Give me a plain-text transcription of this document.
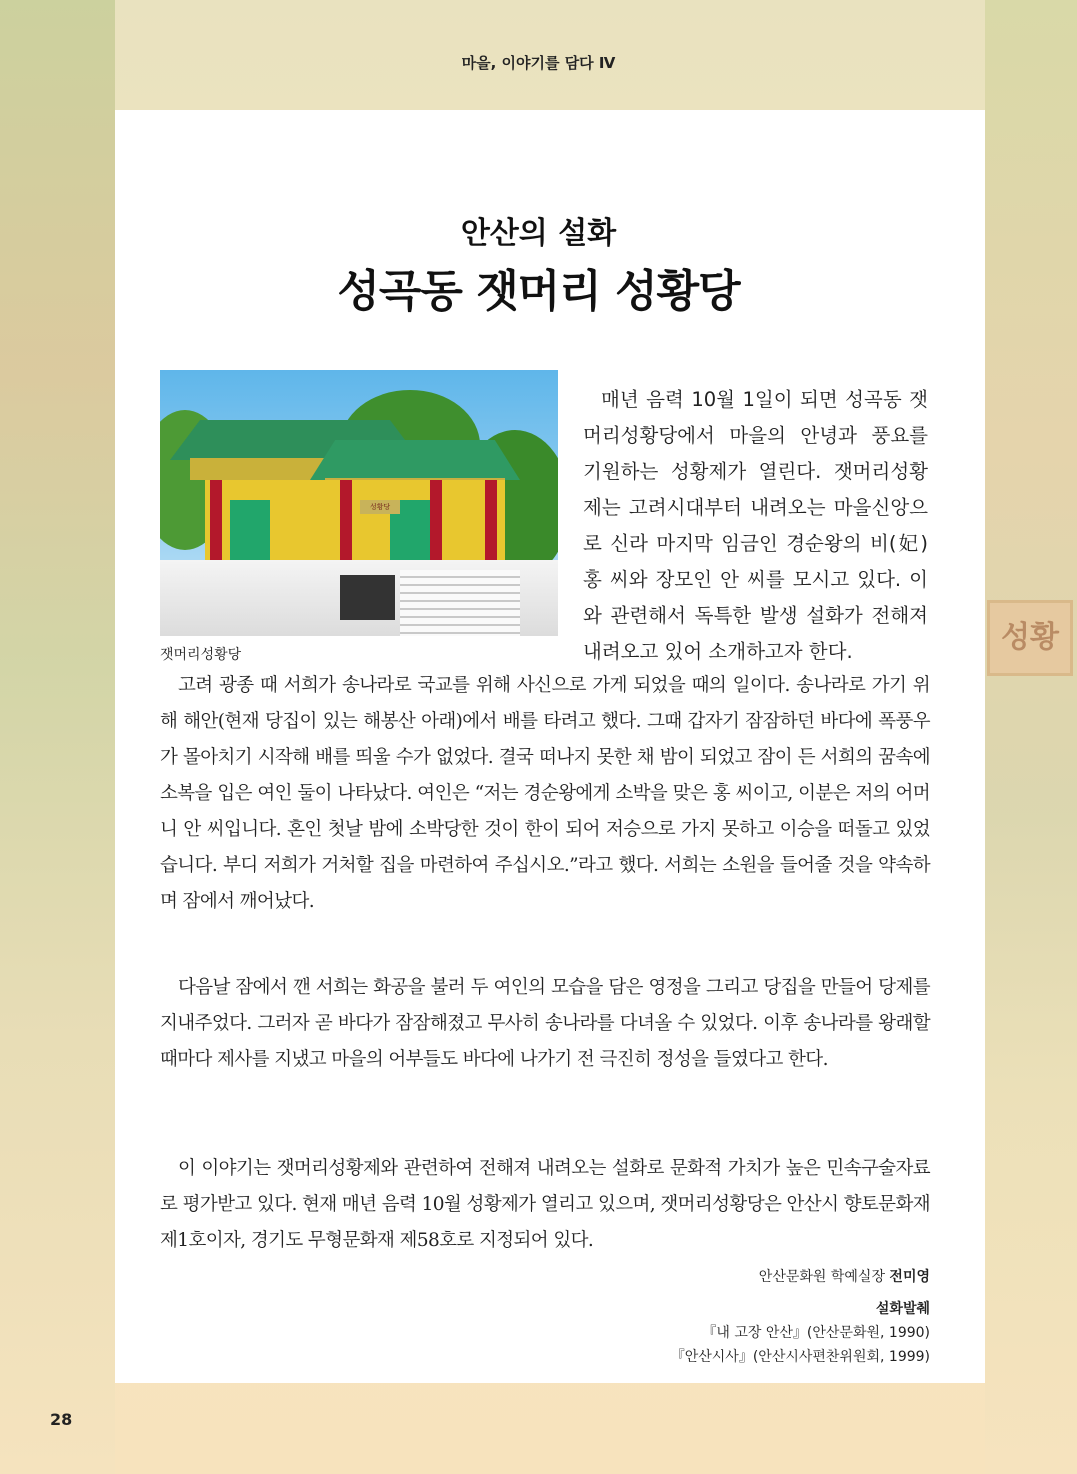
성황
마을, 이야기를 담다 Ⅳ
안산의 설화
성곡동 잿머리 성황당
성황당
잿머리성황당

매년 음력 10월 1일이 되면 성곡동 잿머리성황당에서 마을의 안녕과 풍요를 기원하는 성황제가 열린다. 잿머리성황제는 고려시대부터 내려오는 마을신앙으로 신라 마지막 임금인 경순왕의 비(妃) 홍 씨와 장모인 안 씨를 모시고 있다. 이와 관련해서 독특한 발생 설화가 전해져 내려오고 있어 소개하고자 한다.

고려 광종 때 서희가 송나라로 국교를 위해 사신으로 가게 되었을 때의 일이다. 송나라로 가기 위해 해안(현재 당집이 있는 해봉산 아래)에서 배를 타려고 했다. 그때 갑자기 잠잠하던 바다에 폭풍우가 몰아치기 시작해 배를 띄울 수가 없었다. 결국 떠나지 못한 채 밤이 되었고 잠이 든 서희의 꿈속에 소복을 입은 여인 둘이 나타났다. 여인은 “저는 경순왕에게 소박을 맞은 홍 씨이고, 이분은 저의 어머니 안 씨입니다. 혼인 첫날 밤에 소박당한 것이 한이 되어 저승으로 가지 못하고 이승을 떠돌고 있었습니다. 부디 저희가 거처할 집을 마련하여 주십시오.”라고 했다. 서희는 소원을 들어줄 것을 약속하며 잠에서 깨어났다.

다음날 잠에서 깬 서희는 화공을 불러 두 여인의 모습을 담은 영정을 그리고 당집을 만들어 당제를 지내주었다. 그러자 곧 바다가 잠잠해졌고 무사히 송나라를 다녀올 수 있었다. 이후 송나라를 왕래할 때마다 제사를 지냈고 마을의 어부들도 바다에 나가기 전 극진히 정성을 들였다고 한다.

이 이야기는 잿머리성황제와 관련하여 전해져 내려오는 설화로 문화적 가치가 높은 민속구술자료로 평가받고 있다. 현재 매년 음력 10월 성황제가 열리고 있으며, 잿머리성황당은 안산시 향토문화재 제1호이자, 경기도 무형문화재 제58호로 지정되어 있다.

안산문화원 학예실장 전미영
설화발췌
『내 고장 안산』(안산문화원, 1990)
『안산시사』(안산시사편찬위원회, 1999)
28
